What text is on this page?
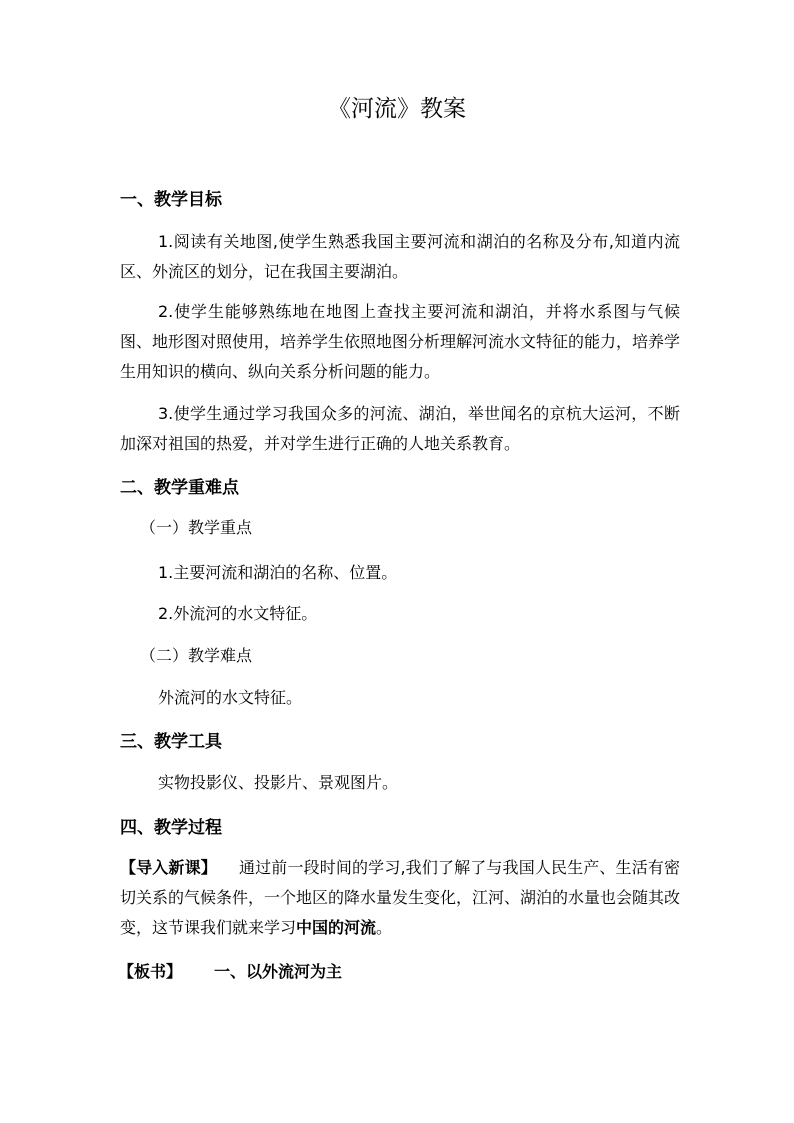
《河流》教案

一、教学目标

1.阅读有关地图,使学生熟悉我国主要河流和湖泊的名称及分布,知道内流区、外流区的划分，记在我国主要湖泊。

2.使学生能够熟练地在地图上查找主要河流和湖泊，并将水系图与气候图、地形图对照使用，培养学生依照地图分析理解河流水文特征的能力，培养学生用知识的横向、纵向关系分析问题的能力。

3.使学生通过学习我国众多的河流、湖泊，举世闻名的京杭大运河，不断加深对祖国的热爱，并对学生进行正确的人地关系教育。

二、教学重难点

（一）教学重点

1.主要河流和湖泊的名称、位置。

2.外流河的水文特征。

（二）教学难点

外流河的水文特征。

三、教学工具

实物投影仪、投影片、景观图片。

四、教学过程

【导入新课】 通过前一段时间的学习,我们了解了与我国人民生产、生活有密切关系的气候条件，一个地区的降水量发生变化，江河、湖泊的水量也会随其改变，这节课我们就来学习中国的河流。

【板书】 一、以外流河为主
